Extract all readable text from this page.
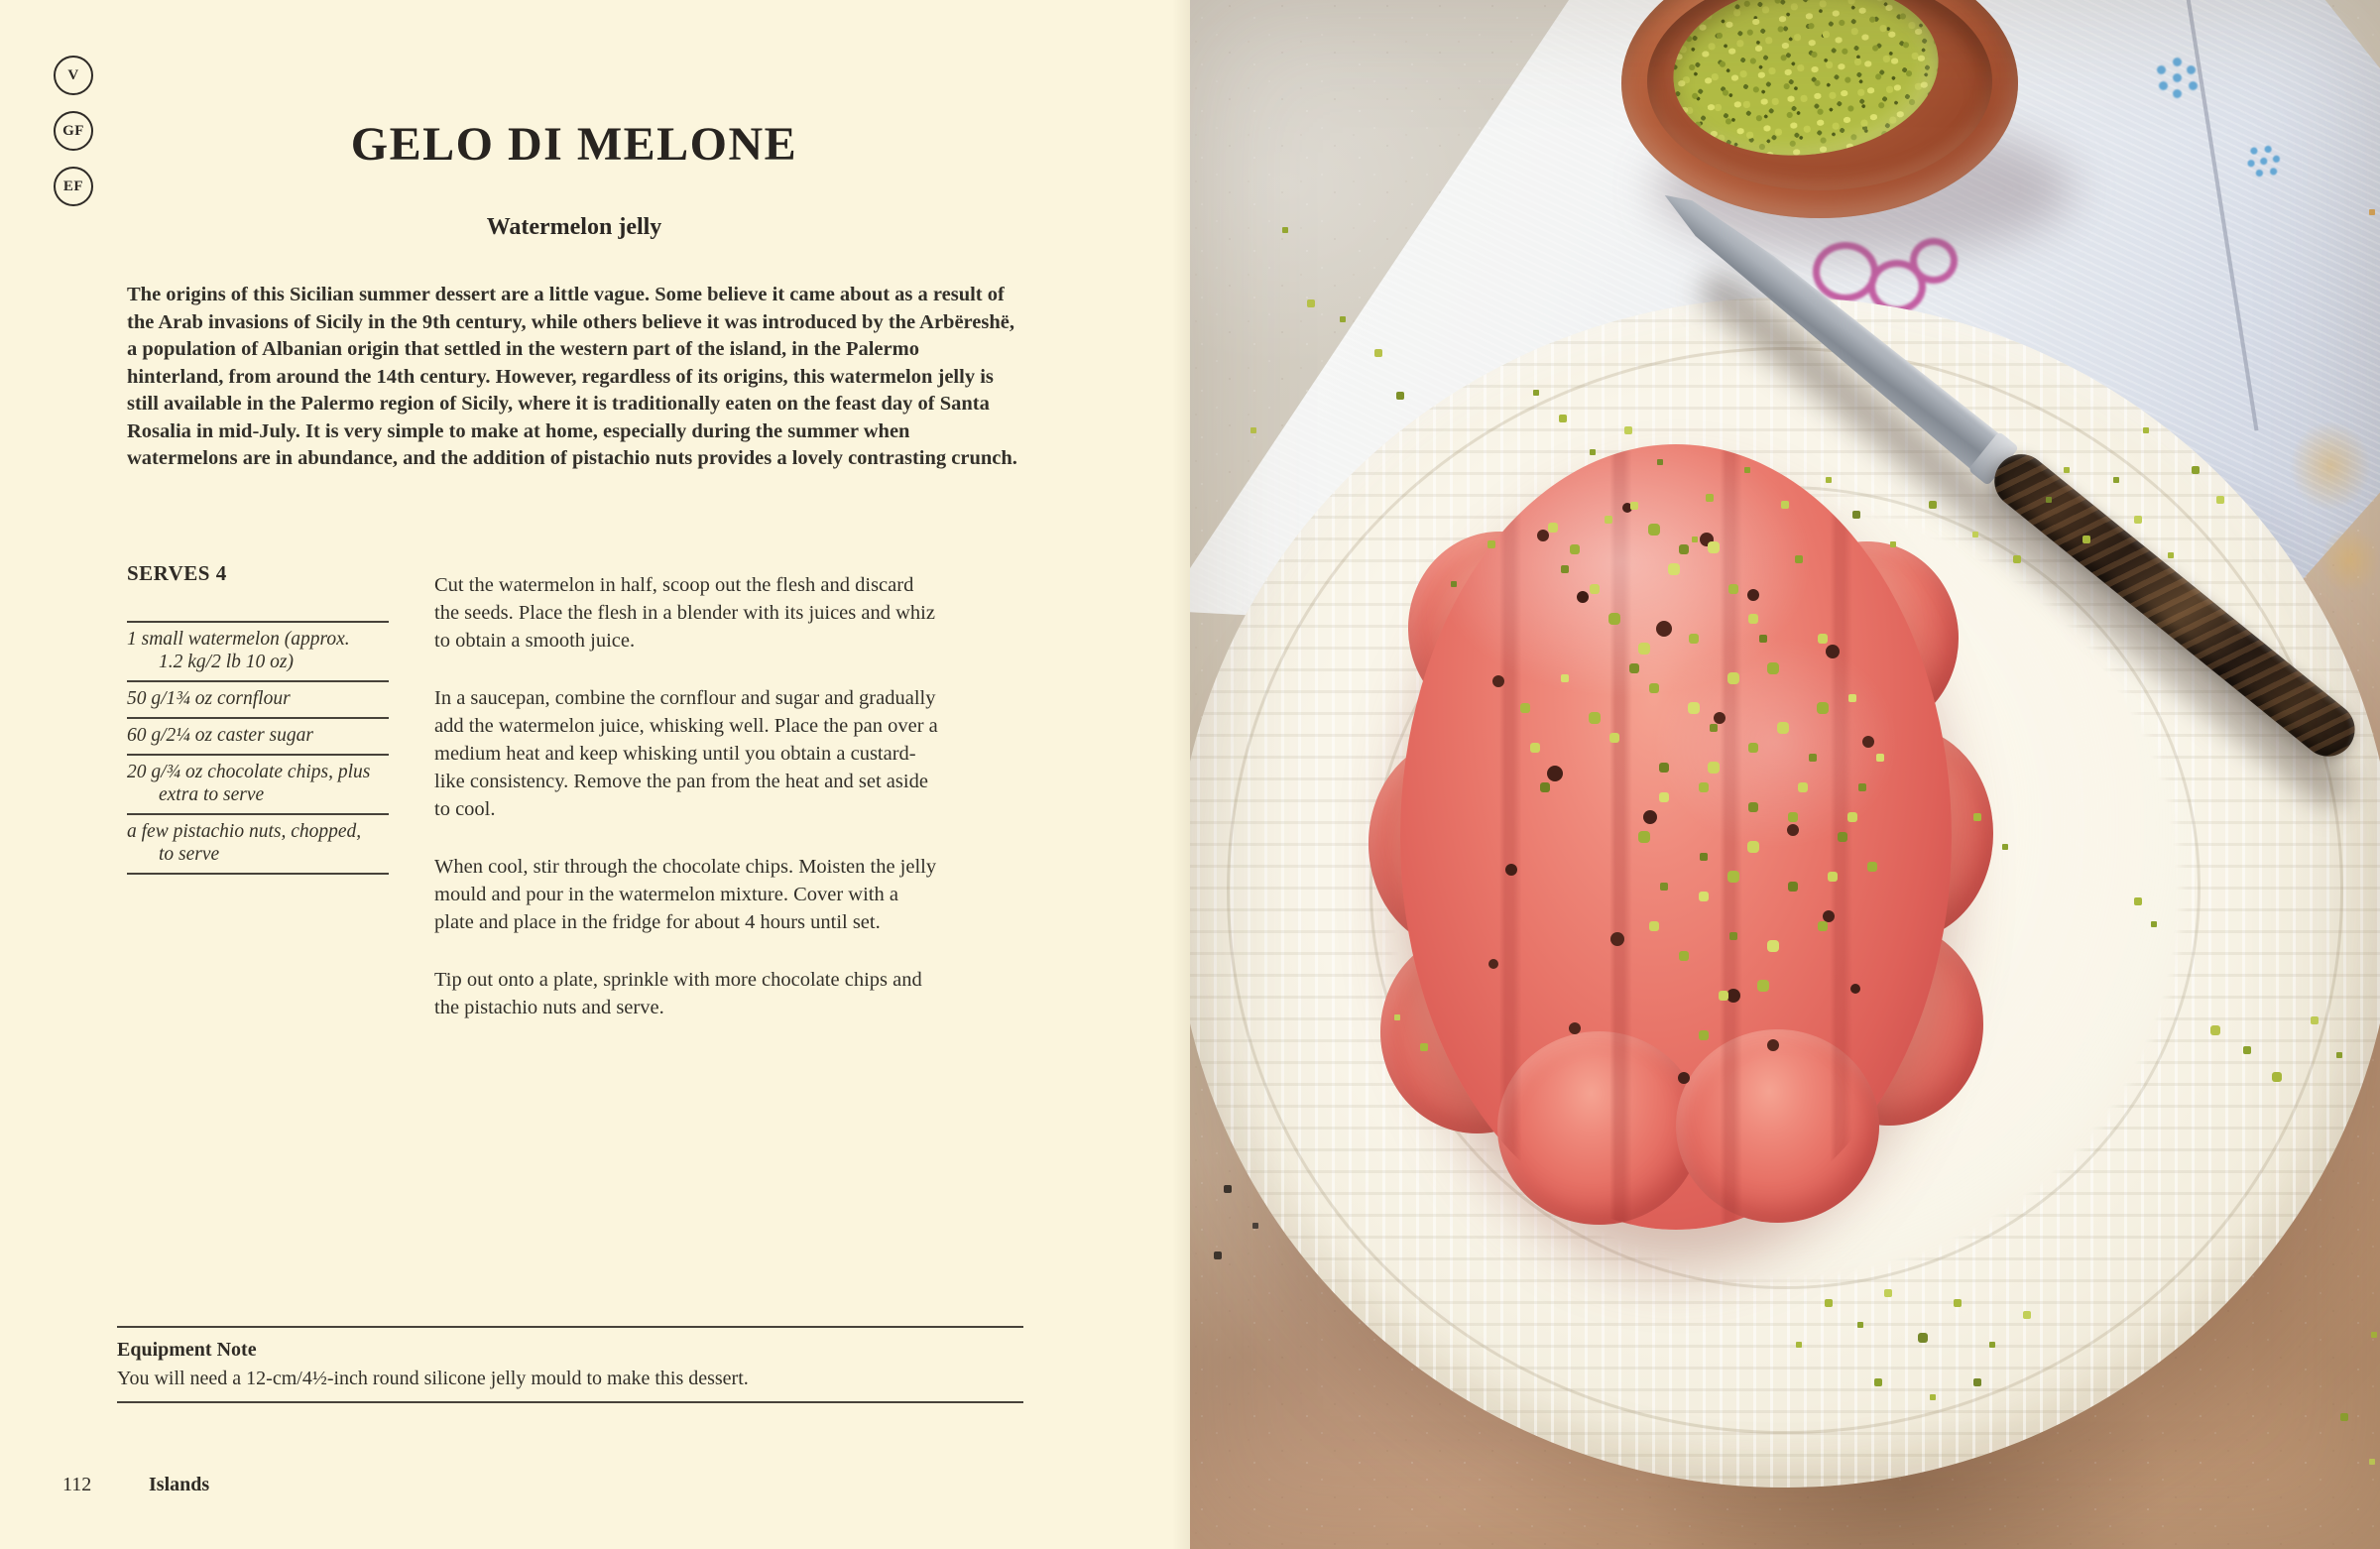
V
GF
EF
GELO DI MELONE
Watermelon jelly

The origins of this Sicilian summer dessert are a little vague. Some believe it came about as a result of the Arab invasions of Sicily in the 9th century, while others believe it was introduced by the Arbëreshë, a population of Albanian origin that settled in the western part of the island, in the Palermo hinterland, from around the 14th century. However, regardless of its origins, this watermelon jelly is still available in the Palermo region of Sicily, where it is traditionally eaten on the feast day of Santa Rosalia in mid-July. It is very simple to make at home, especially during the summer when watermelons are in abundance, and the addition of pistachio nuts provides a lovely contrasting crunch.

SERVES 4
1 small watermelon (approx.
1.2 kg/2 lb 10 oz)
50 g/1¾ oz cornflour
60 g/2¼ oz caster sugar
20 g/¾ oz chocolate chips, plus
extra to serve
a few pistachio nuts, chopped,
to serve

Cut the watermelon in half, scoop out the flesh and discard the seeds. Place the flesh in a blender with its juices and whiz to obtain a smooth juice.

In a saucepan, combine the cornflour and sugar and gradually add the watermelon juice, whisking well. Place the pan over a medium heat and keep whisking until you obtain a custard-like consistency. Remove the pan from the heat and set aside to cool.

When cool, stir through the chocolate chips. Moisten the jelly mould and pour in the watermelon mixture. Cover with a plate and place in the fridge for about 4 hours until set.

Tip out onto a plate, sprinkle with more chocolate chips and the pistachio nuts and serve.

Equipment Note
You will need a 12-cm/4½-inch round silicone jelly mould to make this dessert.
112	Islands
